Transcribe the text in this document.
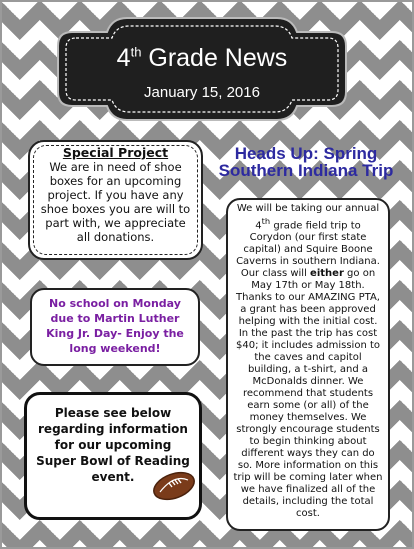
4th Grade News
January 15, 2016
Special Project
We are in need of shoe boxes for an upcoming project. If you have any shoe boxes you are will to part with, we appreciate all donations.
No school on Monday due to Martin Luther King Jr. Day- Enjoy the long weekend!
Please see below regarding information for our upcoming Super Bowl of Reading event.
Heads Up: Spring Southern Indiana Trip
We will be taking our annual 4th grade field trip to Corydon (our first state capital) and Squire Boone Caverns in southern Indiana. Our class will either go on May 17th or May 18th. Thanks to our AMAZING PTA, a grant has been approved helping with the initial cost. In the past the trip has cost $40; it includes admission to the caves and capitol building, a t-shirt, and a McDonalds dinner. We recommend that students earn some (or all) of the money themselves. We strongly encourage students to begin thinking about different ways they can do so. More information on this trip will be coming later when we have finalized all of the details, including the total cost.
